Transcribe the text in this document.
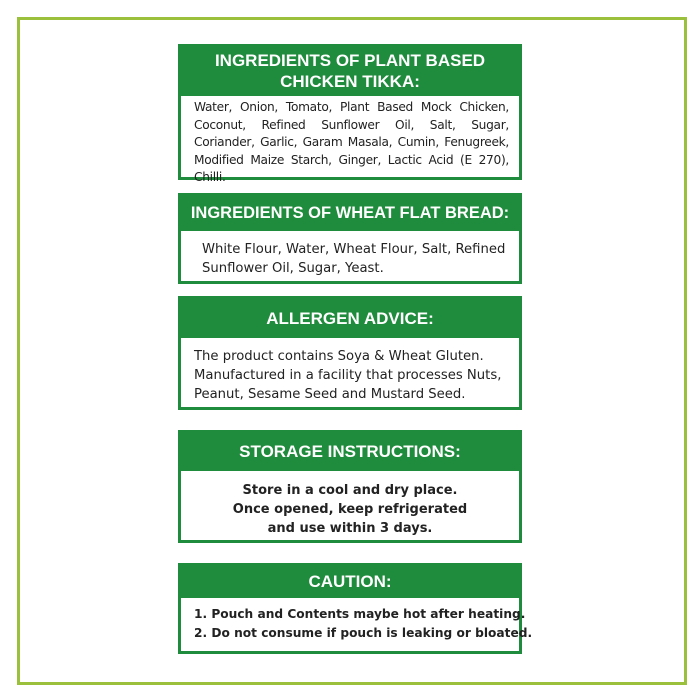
INGREDIENTS OF PLANT BASED
CHICKEN TIKKA:
Water, Onion, Tomato, Plant Based Mock Chicken, Coconut, Refined Sunflower Oil, Salt, Sugar, Coriander, Garlic, Garam Masala, Cumin, Fenugreek, Modified Maize Starch, Ginger, Lactic Acid (E 270), Chilli.
INGREDIENTS OF WHEAT FLAT BREAD:
White Flour, Water, Wheat Flour, Salt, Refined Sunflower Oil, Sugar, Yeast.
ALLERGEN ADVICE:
The product contains Soya & Wheat Gluten. Manufactured in a facility that processes Nuts, Peanut, Sesame Seed and Mustard Seed.
STORAGE INSTRUCTIONS:
Store in a cool and dry place.
Once opened, keep refrigerated
and use within 3 days.
CAUTION:
1. Pouch and Contents maybe hot after heating.
2. Do not consume if pouch is leaking or bloated.
